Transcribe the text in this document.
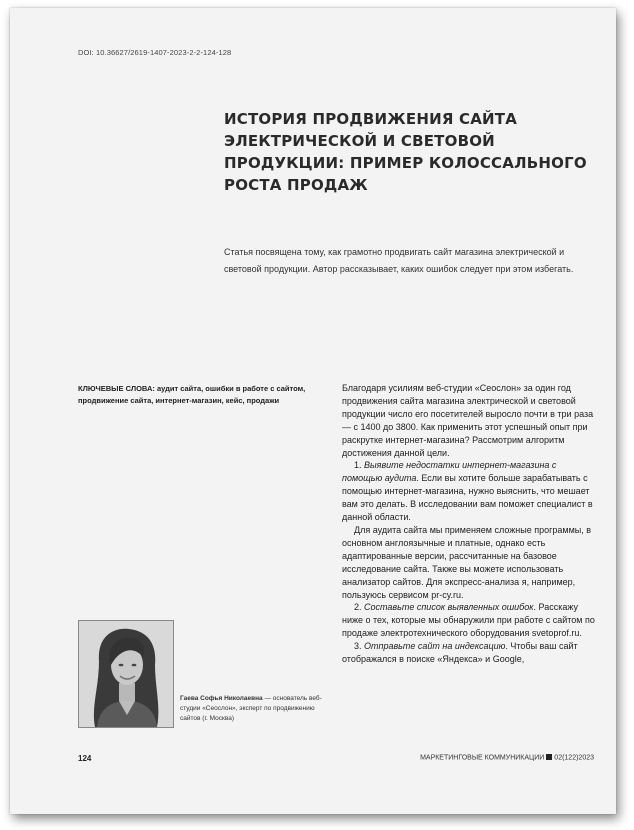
DOI: 10.36627/2619-1407-2023-2-2-124-128
ИСТОРИЯ ПРОДВИЖЕНИЯ САЙТА ЭЛЕКТРИЧЕСКОЙ И СВЕТОВОЙ ПРОДУКЦИИ: ПРИМЕР КОЛОССАЛЬНОГО РОСТА ПРОДАЖ
Статья посвящена тому, как грамотно продвигать сайт магазина электрической и световой продукции. Автор рассказывает, каких ошибок следует при этом избегать.
КЛЮЧЕВЫЕ СЛОВА: аудит сайта, ошибки в работе с сайтом, продвижение сайта, интернет-магазин, кейс, продажи

Благодаря усилиям веб-студии «Сеослон» за один год продвижения сайта магазина электрической и световой продукции число его посетителей выросло почти в три раза — с 1400 до 3800. Как применить этот успешный опыт при раскрутке интернет-магазина? Рассмотрим алгоритм достижения данной цели.

1. Выявите недостатки интернет-магазина с помощью аудита. Если вы хотите больше зарабатывать с помощью интернет-магазина, нужно выяснить, что мешает вам это делать. В исследовании вам поможет специалист в данной области.

Для аудита сайта мы применяем сложные программы, в основном англоязычные и платные, однако есть адаптированные версии, рассчитанные на базовое исследование сайта. Также вы можете использовать анализатор сайтов. Для экспресс-анализа я, например, пользуюсь сервисом pr-cy.ru.

2. Составьте список выявленных ошибок. Расскажу ниже о тех, которые мы обнаружили при работе с сайтом по продаже электротехнического оборудования svetoprof.ru.

3. Отправьте сайт на индексацию. Чтобы ваш сайт отображался в поиске «Яндекса» и Google,

Гаева Софья Николаевна — основатель веб-студии «Сеослон», эксперт по продвижению сайтов (г. Москва)
124	МАРКЕТИНГОВЫЕ КОММУНИКАЦИИ 02(122)2023
